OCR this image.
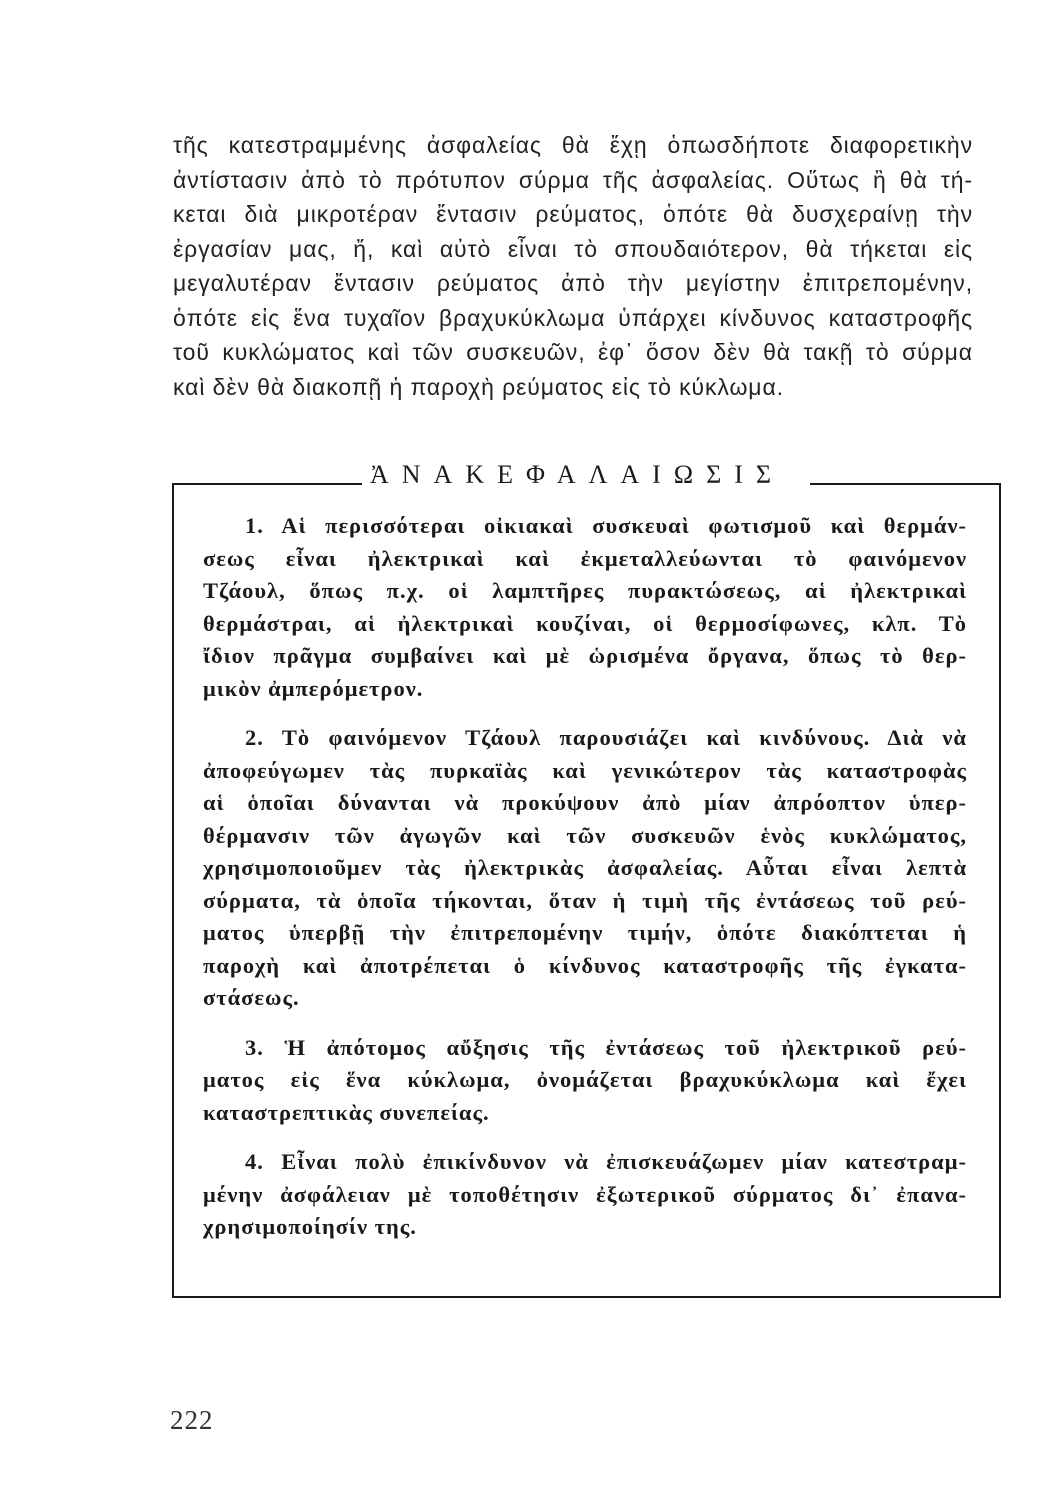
τῆς κατεστραμμένης ἀσφαλείας θὰ ἔχῃ ὁπωσδήποτε διαφορετικὴν
ἀντίστασιν ἀπὸ τὸ πρότυπον σύρμα τῆς ἀσφαλείας. Οὕτως ἢ θὰ τή-
κεται διὰ μικροτέραν ἔντασιν ρεύματος, ὁπότε θὰ δυσχεραίνῃ τὴν
ἐργασίαν μας, ἤ, καὶ αὐτὸ εἶναι τὸ σπουδαιότερον, θὰ τήκεται εἰς
μεγαλυτέραν ἔντασιν ρεύματος ἀπὸ τὴν μεγίστην ἐπιτρεπομένην,
ὁπότε εἰς ἕνα τυχαῖον βραχυκύκλωμα ὑπάρχει κίνδυνος καταστροφῆς
τοῦ κυκλώματος καὶ τῶν συσκευῶν, ἐφ᾽ ὅσον δὲν θὰ τακῇ τὸ σύρμα
καὶ δὲν θὰ διακοπῇ ἡ παροχὴ ρεύματος εἰς τὸ κύκλωμα.
ἈΝΑΚΕΦΑΛΑΙΩΣΙΣ
1. Αἱ περισσότεραι οἰκιακαὶ συσκευαὶ φωτισμοῦ καὶ θερμάν-
σεως εἶναι ἠλεκτρικαὶ καὶ ἐκμεταλλεύωνται τὸ φαινόμενον
Τζάουλ, ὅπως π.χ. οἱ λαμπτῆρες πυρακτώσεως, αἱ ἠλεκτρικαὶ
θερμάστραι, αἱ ἠλεκτρικαὶ κουζίναι, οἱ θερμοσίφωνες, κλπ. Τὸ
ἴδιον πρᾶγμα συμβαίνει καὶ μὲ ὡρισμένα ὄργανα, ὅπως τὸ θερ-
μικὸν ἀμπερόμετρον.
2. Τὸ φαινόμενον Τζάουλ παρουσιάζει καὶ κινδύνους. Διὰ νὰ
ἀποφεύγωμεν τὰς πυρκαϊὰς καὶ γενικώτερον τὰς καταστροφὰς
αἱ ὁποῖαι δύνανται νὰ προκύψουν ἀπὸ μίαν ἀπρόοπτον ὑπερ-
θέρμανσιν τῶν ἀγωγῶν καὶ τῶν συσκευῶν ἑνὸς κυκλώματος,
χρησιμοποιοῦμεν τὰς ἠλεκτρικὰς ἀσφαλείας. Αὗται εἶναι λεπτὰ
σύρματα, τὰ ὁποῖα τήκονται, ὅταν ἡ τιμὴ τῆς ἐντάσεως τοῦ ρεύ-
ματος ὑπερβῇ τὴν ἐπιτρεπομένην τιμήν, ὁπότε διακόπτεται ἡ
παροχὴ καὶ ἀποτρέπεται ὁ κίνδυνος καταστροφῆς τῆς ἐγκατα-
στάσεως.
3. Ἡ ἀπότομος αὔξησις τῆς ἐντάσεως τοῦ ἠλεκτρικοῦ ρεύ-
ματος εἰς ἕνα κύκλωμα, ὀνομάζεται βραχυκύκλωμα καὶ ἔχει
καταστρεπτικὰς συνεπείας.
4. Εἶναι πολὺ ἐπικίνδυνον νὰ ἐπισκευάζωμεν μίαν κατεστραμ-
μένην ἀσφάλειαν μὲ τοποθέτησιν ἐξωτερικοῦ σύρματος δι᾽ ἐπανα-
χρησιμοποίησίν της.
222
